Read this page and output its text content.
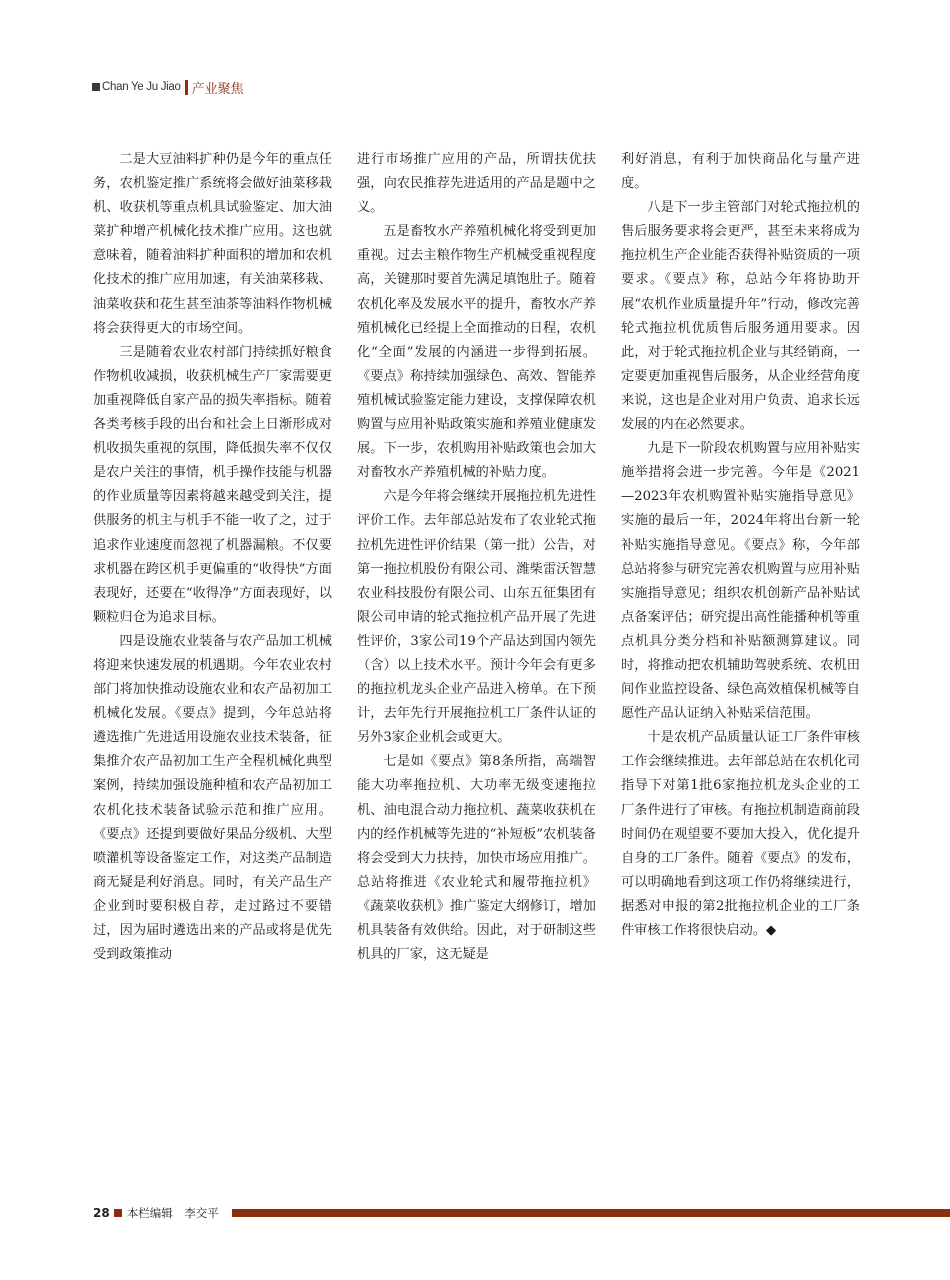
Chan Ye Ju Jiao 产业聚焦

二是大豆油料扩种仍是今年的重点任务，农机鉴定推广系统将会做好油菜移栽机、收获机等重点机具试验鉴定、加大油菜扩种增产机械化技术推广应用。这也就意味着，随着油料扩种面积的增加和农机化技术的推广应用加速，有关油菜移栽、油菜收获和花生甚至油茶等油料作物机械将会获得更大的市场空间。

三是随着农业农村部门持续抓好粮食作物机收减损，收获机械生产厂家需要更加重视降低自家产品的损失率指标。随着各类考核手段的出台和社会上日渐形成对机收损失重视的氛围，降低损失率不仅仅是农户关注的事情，机手操作技能与机器的作业质量等因素将越来越受到关注，提供服务的机主与机手不能一收了之，过于追求作业速度而忽视了机器漏粮。不仅要求机器在跨区机手更偏重的“收得快”方面表现好，还要在“收得净”方面表现好，以颗粒归仓为追求目标。

四是设施农业装备与农产品加工机械将迎来快速发展的机遇期。今年农业农村部门将加快推动设施农业和农产品初加工机械化发展。《要点》提到，今年总站将遴选推广先进适用设施农业技术装备，征集推介农产品初加工生产全程机械化典型案例，持续加强设施种植和农产品初加工农机化技术装备试验示范和推广应用。《要点》还提到要做好果品分级机、大型喷灌机等设备鉴定工作，对这类产品制造商无疑是利好消息。同时，有关产品生产企业到时要积极自荐，走过路过不要错过，因为届时遴选出来的产品或将是优先受到政策推动

进行市场推广应用的产品，所谓扶优扶强，向农民推荐先进适用的产品是题中之义。

五是畜牧水产养殖机械化将受到更加重视。过去主粮作物生产机械受重视程度高，关键那时要首先满足填饱肚子。随着农机化率及发展水平的提升，畜牧水产养殖机械化已经提上全面推动的日程，农机化“全面”发展的内涵进一步得到拓展。《要点》称持续加强绿色、高效、智能养殖机械试验鉴定能力建设，支撑保障农机购置与应用补贴政策实施和养殖业健康发展。下一步，农机购用补贴政策也会加大对畜牧水产养殖机械的补贴力度。

六是今年将会继续开展拖拉机先进性评价工作。去年部总站发布了农业轮式拖拉机先进性评价结果（第一批）公告，对第一拖拉机股份有限公司、潍柴雷沃智慧农业科技股份有限公司、山东五征集团有限公司申请的轮式拖拉机产品开展了先进性评价，3家公司19个产品达到国内领先（含）以上技术水平。预计今年会有更多的拖拉机龙头企业产品进入榜单。在下预计，去年先行开展拖拉机工厂条件认证的另外3家企业机会或更大。

七是如《要点》第8条所指，高端智能大功率拖拉机、大功率无级变速拖拉机、油电混合动力拖拉机、蔬菜收获机在内的经作机械等先进的“补短板”农机装备将会受到大力扶持，加快市场应用推广。总站将推进《农业轮式和履带拖拉机》《蔬菜收获机》推广鉴定大纲修订，增加机具装备有效供给。因此，对于研制这些机具的厂家，这无疑是

利好消息，有利于加快商品化与量产进度。

八是下一步主管部门对轮式拖拉机的售后服务要求将会更严，甚至未来将成为拖拉机生产企业能否获得补贴资质的一项要求。《要点》称，总站今年将协助开展“农机作业质量提升年”行动，修改完善轮式拖拉机优质售后服务通用要求。因此，对于轮式拖拉机企业与其经销商，一定要更加重视售后服务，从企业经营角度来说，这也是企业对用户负责、追求长远发展的内在必然要求。

九是下一阶段农机购置与应用补贴实施举措将会进一步完善。今年是《2021—2023年农机购置补贴实施指导意见》实施的最后一年，2024年将出台新一轮补贴实施指导意见。《要点》称，今年部总站将参与研究完善农机购置与应用补贴实施指导意见；组织农机创新产品补贴试点备案评估；研究提出高性能播种机等重点机具分类分档和补贴额测算建议。同时，将推动把农机辅助驾驶系统、农机田间作业监控设备、绿色高效植保机械等自愿性产品认证纳入补贴采信范围。

十是农机产品质量认证工厂条件审核工作会继续推进。去年部总站在农机化司指导下对第1批6家拖拉机龙头企业的工厂条件进行了审核。有拖拉机制造商前段时间仍在观望要不要加大投入，优化提升自身的工厂条件。随着《要点》的发布，可以明确地看到这项工作仍将继续进行，据悉对申报的第2批拖拉机企业的工厂条件审核工作将很快启动。◆

28 本栏编辑　李交平
